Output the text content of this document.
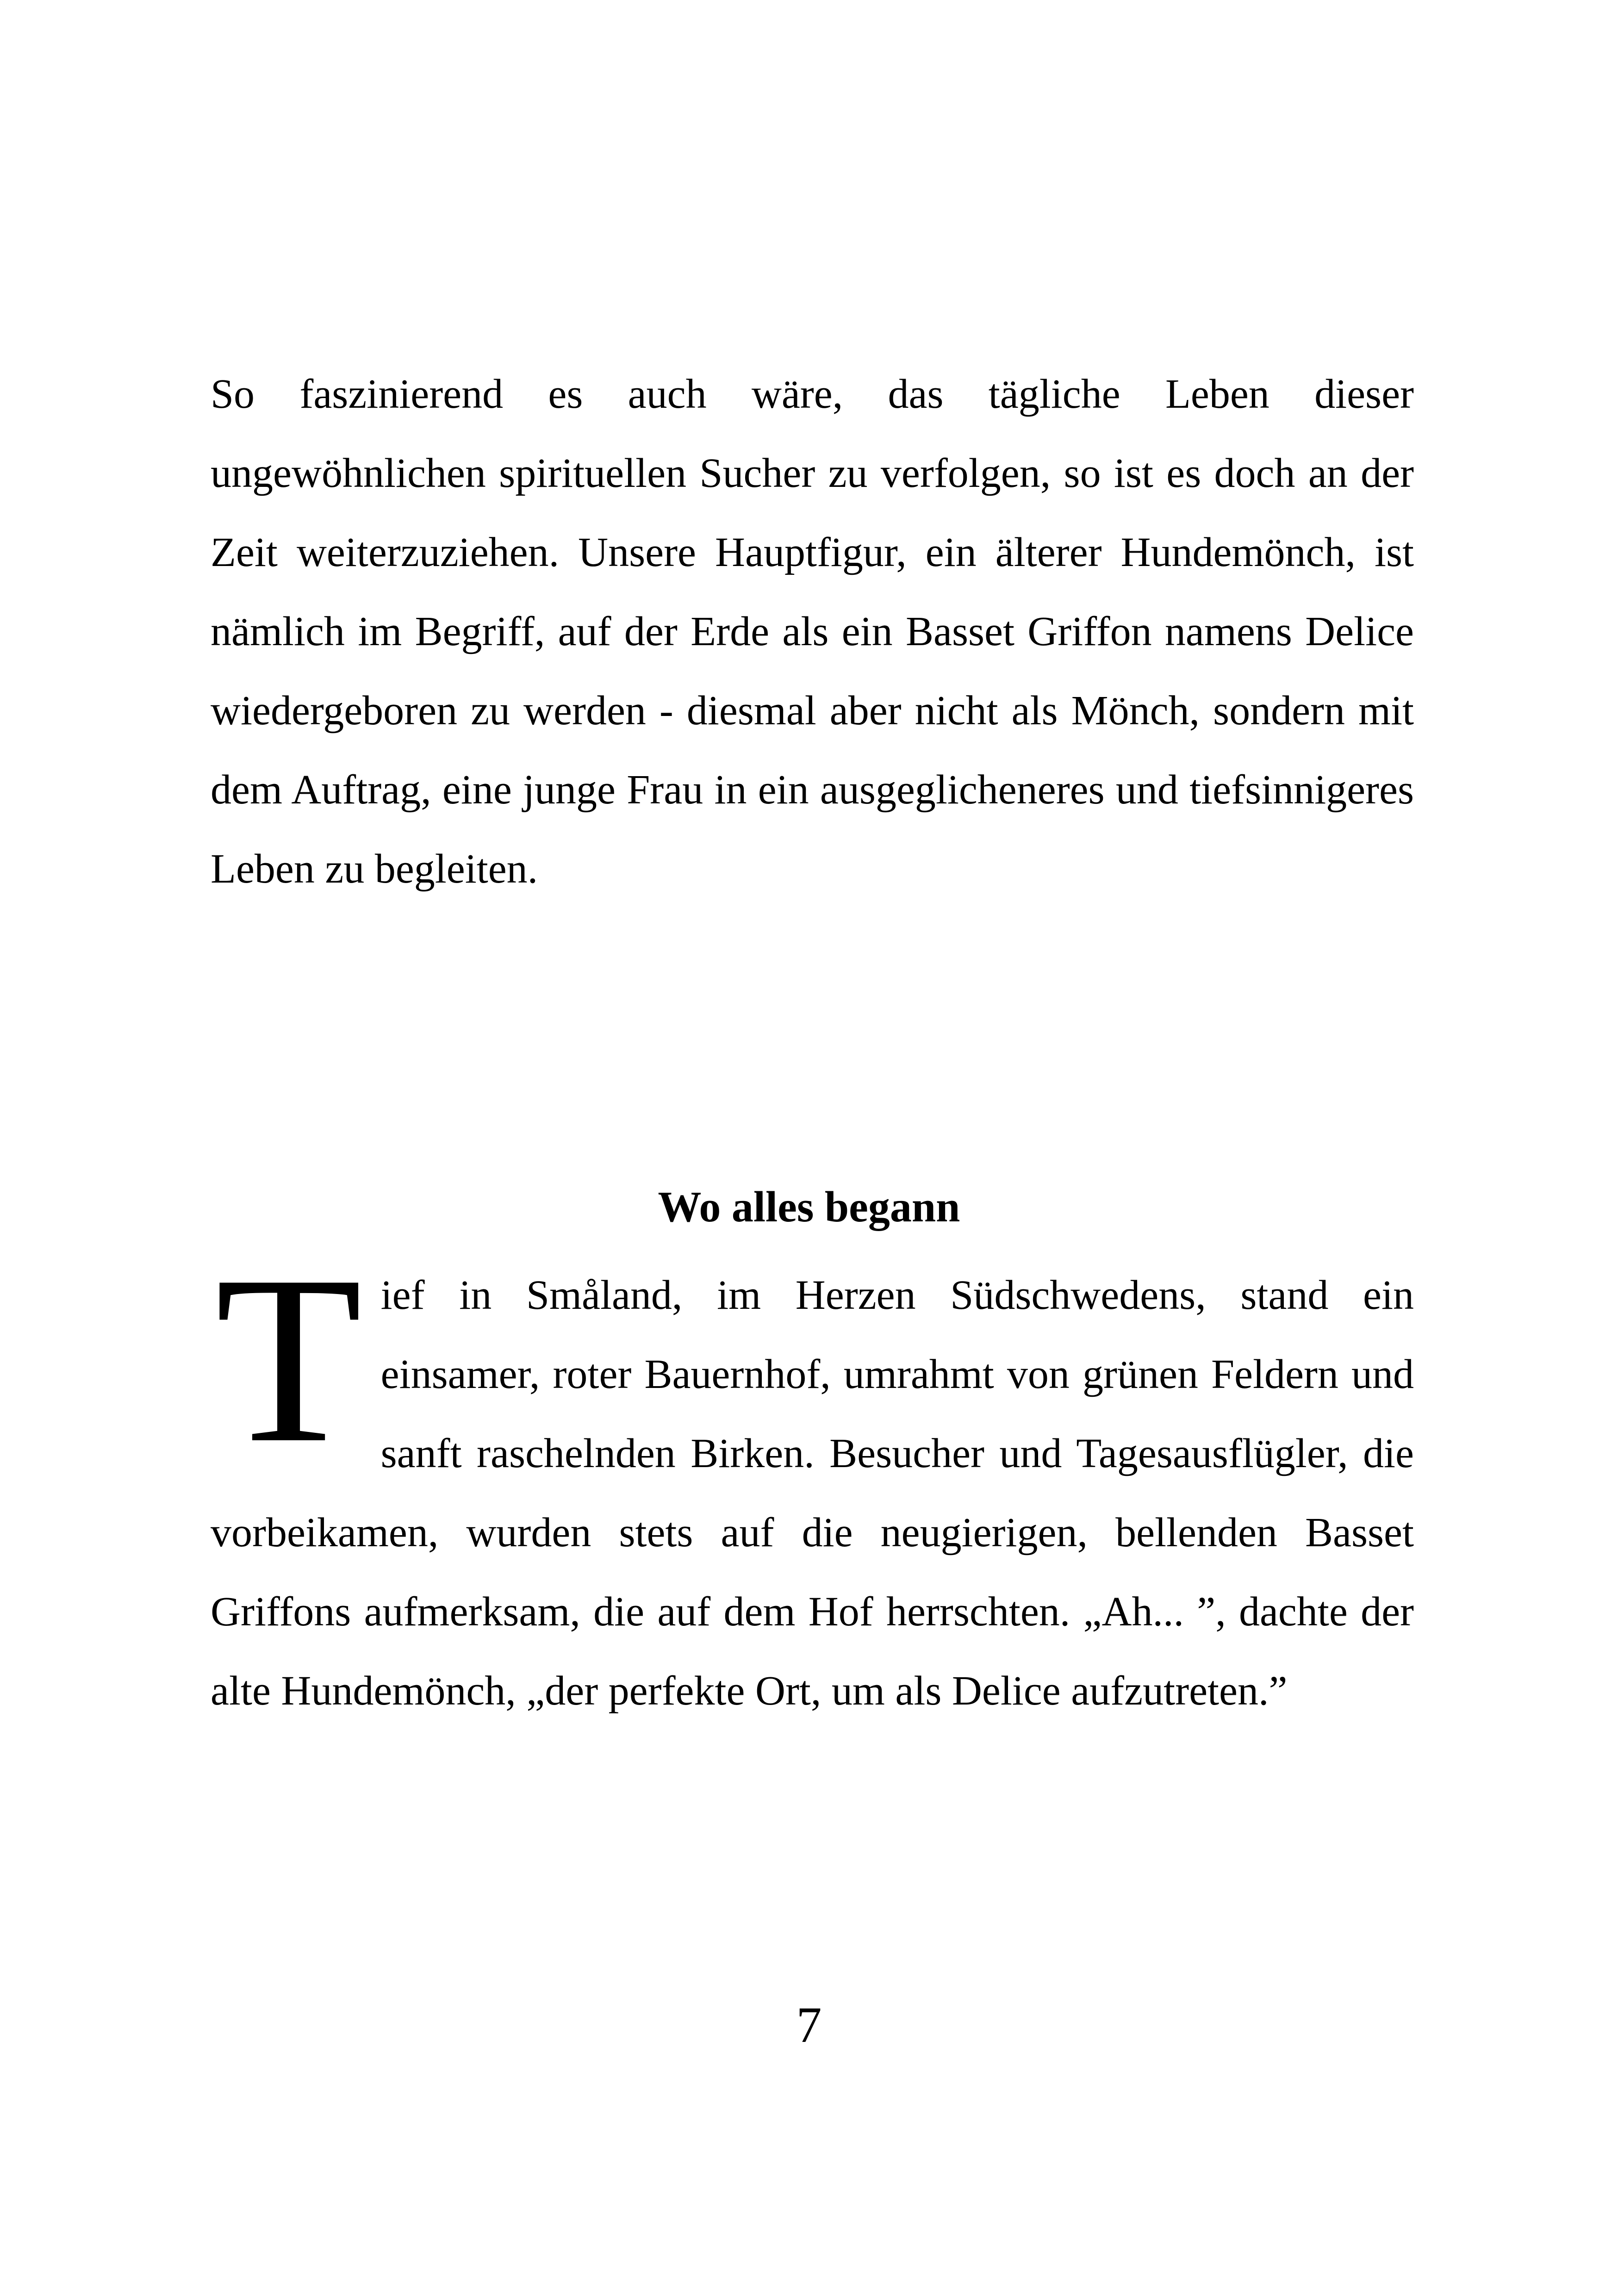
So faszinierend es auch wäre, das tägliche Leben dieser ungewöhnlichen spirituellen Sucher zu verfolgen, so ist es doch an der Zeit weiterzuziehen. Unsere Hauptfigur, ein älterer Hundemönch, ist nämlich im Begriff, auf der Erde als ein Basset Griffon namens Delice wiedergeboren zu werden - diesmal aber nicht als Mönch, sondern mit dem Auftrag, eine junge Frau in ein ausgeglicheneres und tiefsinnigeres Leben zu begleiten.

Wo alles begann
Tief in Småland, im Herzen Südschwedens, stand ein einsamer, roter Bauernhof, umrahmt von grünen Feldern und sanft raschelnden Birken. Besucher und Tagesausflügler, die vorbeikamen, wurden stets auf die neugierigen, bellenden Basset Griffons aufmerksam, die auf dem Hof herrschten. „Ah... ”, dachte der alte Hundemönch, „der perfekte Ort, um als Delice aufzutreten.”
7
